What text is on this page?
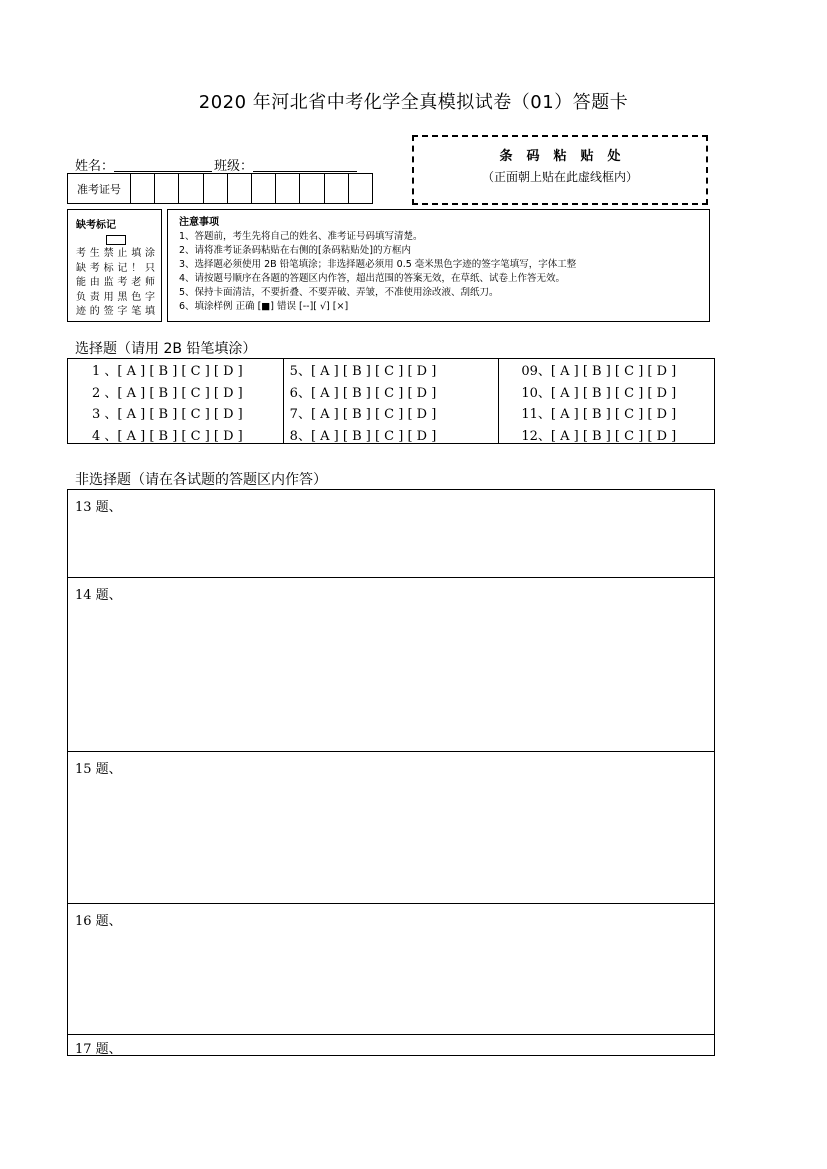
2020 年河北省中考化学全真模拟试卷（01）答题卡
姓名：	班级：
条码粘贴处
（正面朝上贴在此虚线框内）
准考证号
缺考标记
考生禁止填涂
缺考标记！只
能由监考老师
负责用黑色字
迹的签字笔填
注意事项
1、答题前，考生先将自己的姓名、准考证号码填写清楚。
2、请将准考证条码粘贴在右侧的[条码粘贴处]的方框内
3、选择题必须使用 2B 铅笔填涂；非选择题必须用 0.5 毫米黑色字迹的签字笔填写，字体工整
4、请按题号顺序在各题的答题区内作答，超出范围的答案无效，在草纸、试卷上作答无效。
5、保持卡面清洁，不要折叠、不要弄破、弄皱，不准使用涂改液、刮纸刀。
6、填涂样例 正确 [■] 错误 [--][ √] [×]
选择题（请用 2B 铅笔填涂）
1 、[ A ] [ B ] [ C ] [ D ]
2 、[ A ] [ B ] [ C ] [ D ]
3 、[ A ] [ B ] [ C ] [ D ]
4 、[ A ] [ B ] [ C ] [ D ]
5、[ A ] [ B ] [ C ] [ D ]
6、[ A ] [ B ] [ C ] [ D ]
7、[ A ] [ B ] [ C ] [ D ]
8、[ A ] [ B ] [ C ] [ D ]
09、[ A ] [ B ] [ C ] [ D ]
10、[ A ] [ B ] [ C ] [ D ]
11、[ A ] [ B ] [ C ] [ D ]
12、[ A ] [ B ] [ C ] [ D ]
非选择题（请在各试题的答题区内作答）
13 题、
14 题、
15 题、
16 题、
17 题、
